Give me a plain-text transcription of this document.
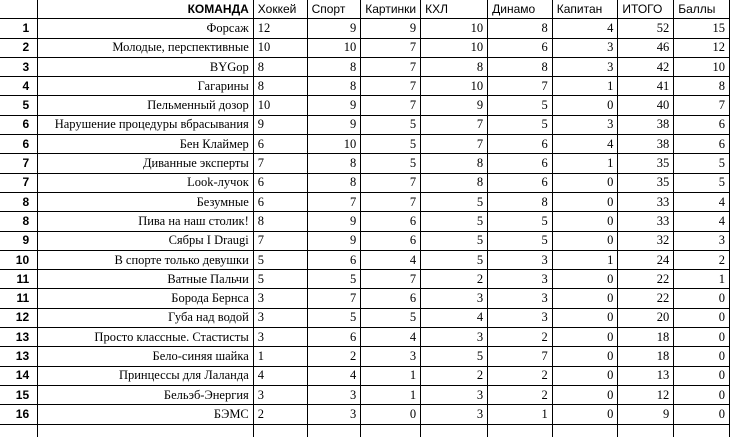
	КОМАНДА	Хоккей	Спорт	Картинки	КХЛ	Динамо	Капитан	ИТОГО	Баллы
1	Форсаж	12	9	9	10	8	4	52	15
2	Молодые, перспективные	10	10	7	10	6	3	46	12
3	BYGop	8	8	7	8	8	3	42	10
4	Гагарины	8	8	7	10	7	1	41	8
5	Пельменный дозор	10	9	7	9	5	0	40	7
6	Нарушение процедуры вбрасывания	9	9	5	7	5	3	38	6
6	Бен Клаймер	6	10	5	7	6	4	38	6
7	Диванные эксперты	7	8	5	8	6	1	35	5
7	Look-лучок	6	8	7	8	6	0	35	5
8	Безумные	6	7	7	5	8	0	33	4
8	Пива на наш столик!	8	9	6	5	5	0	33	4
9	Сябры I Draugi	7	9	6	5	5	0	32	3
10	В спорте только девушки	5	6	4	5	3	1	24	2
11	Ватные Пальчи	5	5	7	2	3	0	22	1
11	Борода Бернса	3	7	6	3	3	0	22	0
12	Губа над водой	3	5	5	4	3	0	20	0
13	Просто классные. Стастисты	3	6	4	3	2	0	18	0
13	Бело-синяя шайка	1	2	3	5	7	0	18	0
14	Принцессы для Лаланда	4	4	1	2	2	0	13	0
15	Бельэб-Энергия	3	3	1	3	2	0	12	0
16	БЭМС	2	3	0	3	1	0	9	0
